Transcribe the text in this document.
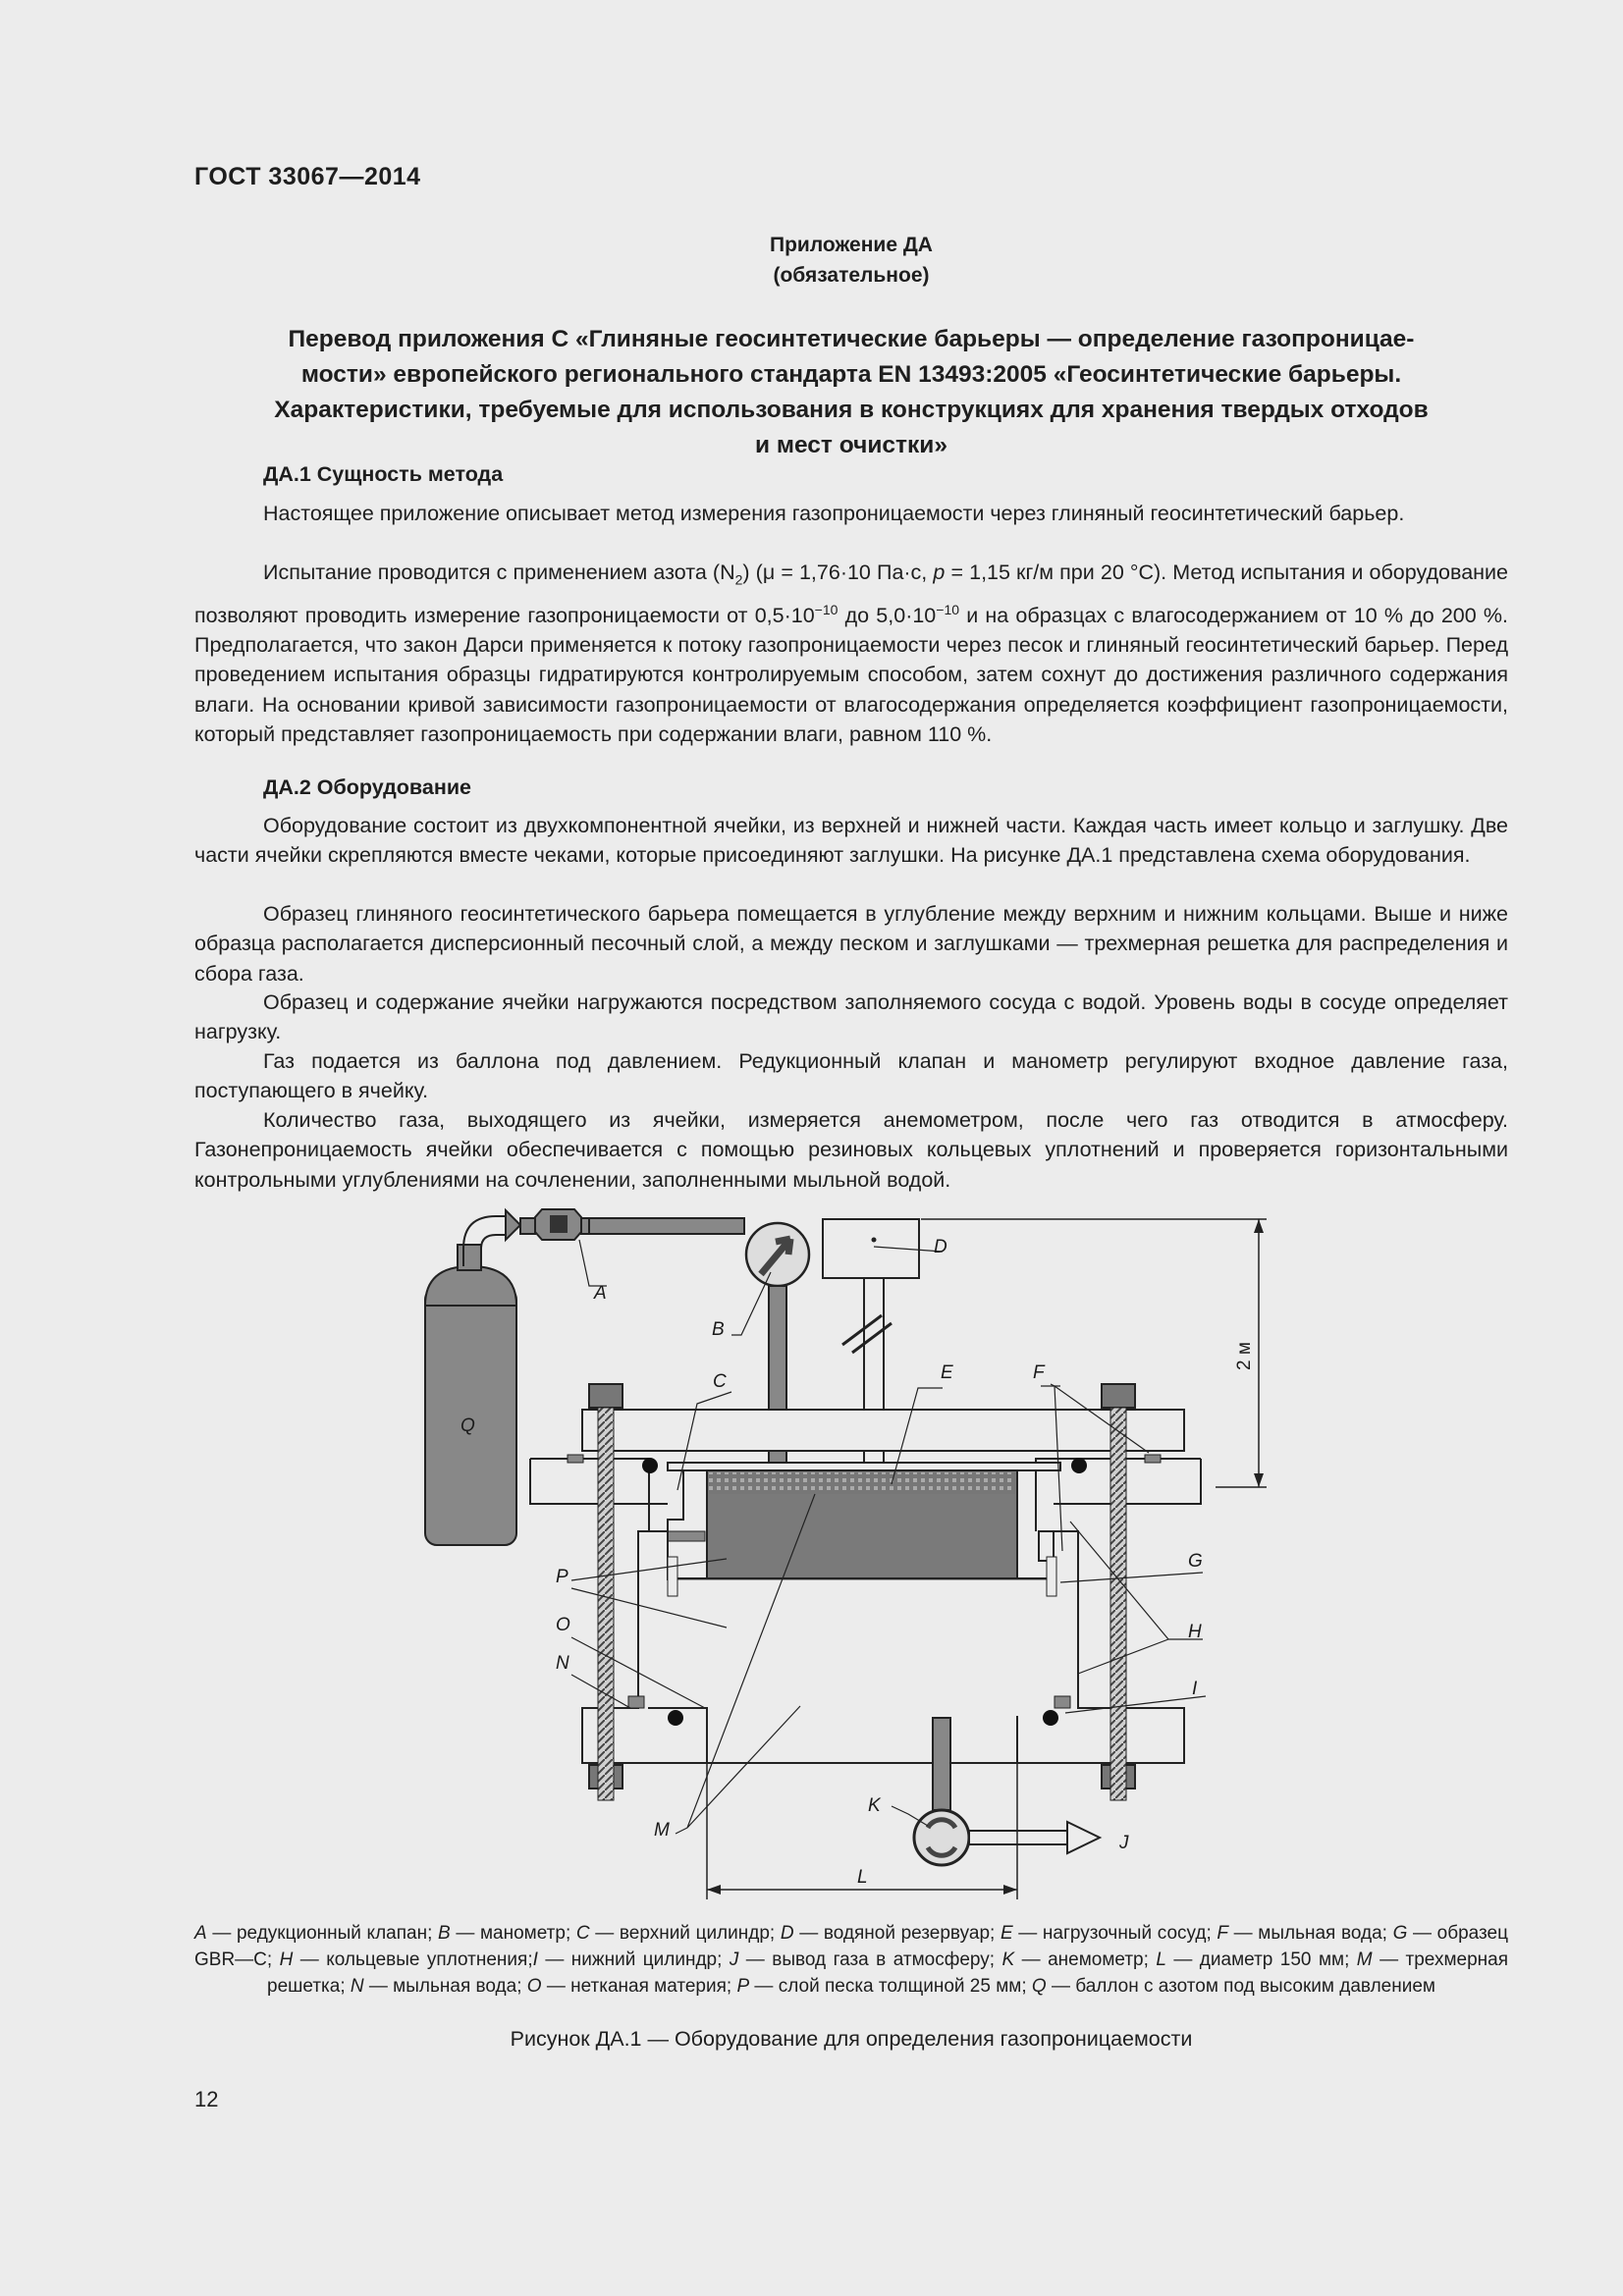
ГОСТ 33067—2014
Приложение ДА
(обязательное)
Перевод приложения С «Глиняные геосинтетические барьеры — определение газопроницае-
мости» европейского регионального стандарта EN 13493:2005 «Геосинтетические барьеры.
Характеристики, требуемые для использования в конструкциях для хранения твердых отходов
и мест очистки»
ДА.1 Сущность метода

Настоящее приложение описывает метод измерения газопроницаемости через глиняный геосинтетический барьер.

Испытание проводится с применением азота $(N_2) (\mu = 1,76\cdot 10$ Па·с, р = 1,15 кг/м при 20 °С). Метод испытания и оборудование позволяют проводить измерение газопроницаемости от $0,5\cdot 10^{-10}$ до $5,0\cdot 10^{-10}$ и на образцах с влагосодержанием от 10 % до 200 %. Предполагается, что закон Дарси применяется к потоку газопроницаемости через песок и глиняный геосинтетический барьер. Перед проведением испытания образцы гидратируются контролируемым способом, затем сохнут до достижения различного содержания влаги. На основании кривой зависимости газопроницаемости от влагосодержания определяется коэффициент газопроницаемости, который представляет газопроницаемость при содержании влаги, равном 110 %.

ДА.2 Оборудование

Оборудование состоит из двухкомпонентной ячейки, из верхней и нижней части. Каждая часть имеет кольцо и заглушку. Две части ячейки скрепляются вместе чеками, которые присоединяют заглушки. На рисунке ДА.1 представлена схема оборудования.

Образец глиняного геосинтетического барьера помещается в углубление между верхним и нижним кольцами. Выше и ниже образца располагается дисперсионный песочный слой, а между песком и заглушками — трехмерная решетка для распределения и сбора газа.

Образец и содержание ячейки нагружаются посредством заполняемого сосуда с водой. Уровень воды в сосуде определяет нагрузку.

Газ подается из баллона под давлением. Редукционный клапан и манометр регулируют входное давление газа, поступающего в ячейку.

Количество газа, выходящего из ячейки, измеряется анемометром, после чего газ отводится в атмосферу. Газонепроницаемость ячейки обеспечивается с помощью резиновых кольцевых уплотнений и проверяется горизонтальными контрольными углублениями на сочленении, заполненными мыльной водой.

Q
A
B
C
D
E	F
G
H
I
J
K
L
M
N
O
P
2 м

А — редукционный клапан; В — манометр; С — верхний цилиндр; D — водяной резервуар; Е — нагрузочный сосуд; F — мыльная вода; G — образец GBR—C; Н — кольцевые уплотнения;I — нижний цилиндр; J — вывод газа в атмосферу; K — анемометр; L — диаметр 150 мм; М — трехмерная решетка; N — мыльная вода; О — нетканая материя; Р — слой песка толщиной 25 мм; Q — баллон с азотом под высоким давлением

Рисунок ДА.1 — Оборудование для определения газопроницаемости
12
